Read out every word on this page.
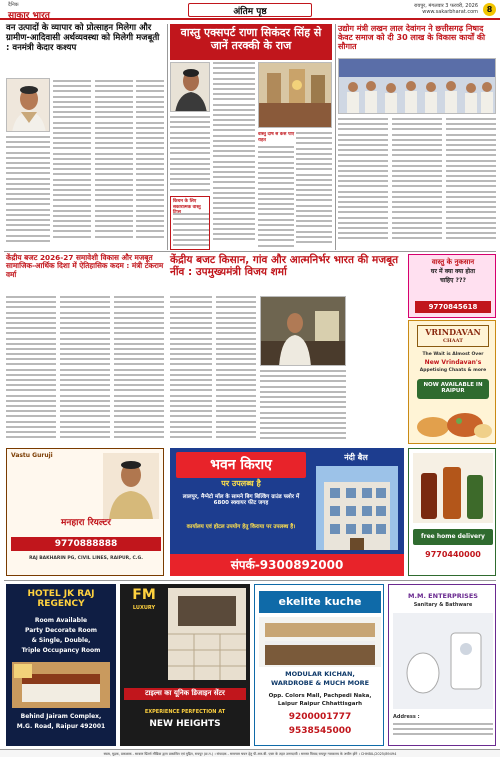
दैनिक
साकार भारत	अंतिम पृष्ठ
रायपुर, मंगलवार 3 फरवरी, 2026
www.sakarbharat.com	8
वन उत्पादों के व्यापार को प्रोत्साहन मिलेगा और ग्रामीण-आदिवासी अर्थव्यवस्था को मिलेगी मजबूती : वनमंत्री केदार कश्यप
वास्तु एक्सपर्ट राणा सिकंदर सिंह से जानें तरक्की के राज
किचन के लिए सकारात्मक वास्तु
वास्तु दोष से कैसे पाएं राहत
उद्योग मंत्री लखन लाल देवांगन ने छत्तीसगढ़ निषाद केवट समाज को दी 30 लाख के विकास कार्यों की सौगात
केंद्रीय बजट 2026-27 समावेशी विकास और मजबूत सामाजिक-आर्थिक दिशा में ऐतिहासिक कदम : मंत्री टंकराम वर्मा
केंद्रीय बजट किसान, गांव और आत्मनिर्भर भारत की मजबूत नींव : उपमुख्यमंत्री विजय शर्मा
वास्तु के नुकसान
घर में क्या क्या होता
चाहिए ???
9770845618
VRINDAVAN
CHAAT
The Wait is Almost Over
New Vrindavan's
Appetising Chaats & more
NOW AVAILABLE IN RAIPUR
Vastu Guruji
मनहारा रियल्टर
9770888888
RAJ BAKHARIN PG, CIVIL LINES, RAIPUR, C.G.
भवन किराए
पर उपलब्ध है
नंदी बैल
लालपुर, मैग्नेटो मॉल के सामने बिग बिल्डिंग ग्राउंड फ्लोर में 6800 स्क्वायर फीट जगह
कार्यालय एवं होटल उपयोग हेतु किराया पर उपलब्ध है।
संपर्क-9300892000
free home delivery
9770440000
HOTEL JK RAJ REGENCY
Room Available
Party Decorate Room
& Single, Double,
Triple Occupancy Room
Behind Jairam Complex,
M.G. Road, Raipur 492001
FM
LUXURY
टाइल्स का यूनिक डिजाइन सेंटर
EXPERIENCE PERFECTION AT
NEW HEIGHTS
ekelite kuche
MODULAR KICHAN,
WARDROBE & MUCH MORE
Opp. Colors Mall, Pachpedi Naka,
Laipur Raipur Chhattisgarh
9200001777
9538545000
M.M. ENTERPRISES
Sanitary & Bathware
Address :
स्वत्व, मुद्रक, प्रकाशक - साकार प्रिंटर्स मीडिया द्वारा प्रकाशित एवं मुद्रित, रायपुर (छ.ग.) । संपादक - समाचार चयन हेतु पी.आर.बी. एक्ट के तहत उत्तरदायी । समस्त विवाद रायपुर न्यायालय के अधीन होंगे । CHHBIL/2025/89494
